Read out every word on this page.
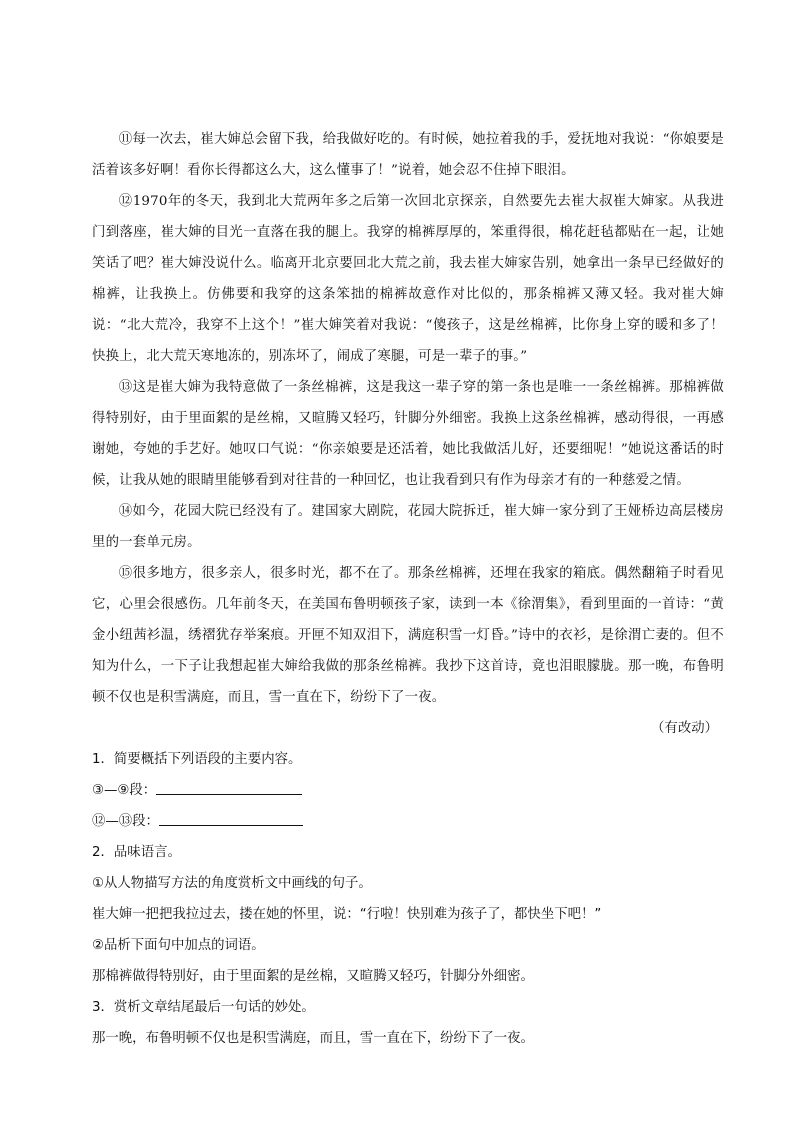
⑪每一次去，崔大婶总会留下我，给我做好吃的。有时候，她拉着我的手，爱抚地对我说：“你娘要是活着该多好啊！看你长得都这么大，这么懂事了！”说着，她会忍不住掉下眼泪。

⑫1970年的冬天，我到北大荒两年多之后第一次回北京探亲，自然要先去崔大叔崔大婶家。从我进门到落座，崔大婶的目光一直落在我的腿上。我穿的棉裤厚厚的，笨重得很，棉花赶毡都贴在一起，让她笑话了吧？崔大婶没说什么。临离开北京要回北大荒之前，我去崔大婶家告别，她拿出一条早已经做好的棉裤，让我换上。仿佛要和我穿的这条笨拙的棉裤故意作对比似的，那条棉裤又薄又轻。我对崔大婶说：“北大荒冷，我穿不上这个！”崔大婶笑着对我说：“傻孩子，这是丝棉裤，比你身上穿的暖和多了！快换上，北大荒天寒地冻的，别冻坏了，闹成了寒腿，可是一辈子的事。”

⑬这是崔大婶为我特意做了一条丝棉裤，这是我这一辈子穿的第一条也是唯一一条丝棉裤。那棉裤做得特别好，由于里面絮的是丝棉，又暄腾又轻巧，针脚分外细密。我换上这条丝棉裤，感动得很，一再感谢她，夸她的手艺好。她叹口气说：“你亲娘要是还活着，她比我做活儿好，还要细呢！”她说这番话的时候，让我从她的眼睛里能够看到对往昔的一种回忆，也让我看到只有作为母亲才有的一种慈爱之情。

⑭如今，花园大院已经没有了。建国家大剧院，花园大院拆迁，崔大婶一家分到了王娅桥边高层楼房里的一套单元房。

⑮很多地方，很多亲人，很多时光，都不在了。那条丝棉裤，还埋在我家的箱底。偶然翻箱子时看见它，心里会很感伤。几年前冬天，在美国布鲁明顿孩子家，读到一本《徐渭集》，看到里面的一首诗：“黄金小纽茜衫温，绣褶犹存举案痕。开匣不知双泪下，满庭积雪一灯昏。”诗中的衣衫，是徐渭亡妻的。但不知为什么，一下子让我想起崔大婶给我做的那条丝棉裤。我抄下这首诗，竟也泪眼朦胧。那一晚，布鲁明顿不仅也是积雪满庭，而且，雪一直在下，纷纷下了一夜。

（有改动）

1．简要概括下列语段的主要内容。

③—⑨段：

⑫—⑬段：

2．品味语言。

①从人物描写方法的角度赏析文中画线的句子。

崔大婶一把把我拉过去，搂在她的怀里，说：“行啦！快别难为孩子了，都快坐下吧！”

②品析下面句中加点的词语。

那棉裤做得特别好，由于里面絮的是丝棉，又暄腾又轻巧，针脚分外细密。

3．赏析文章结尾最后一句话的妙处。

那一晚，布鲁明顿不仅也是积雪满庭，而且，雪一直在下，纷纷下了一夜。
